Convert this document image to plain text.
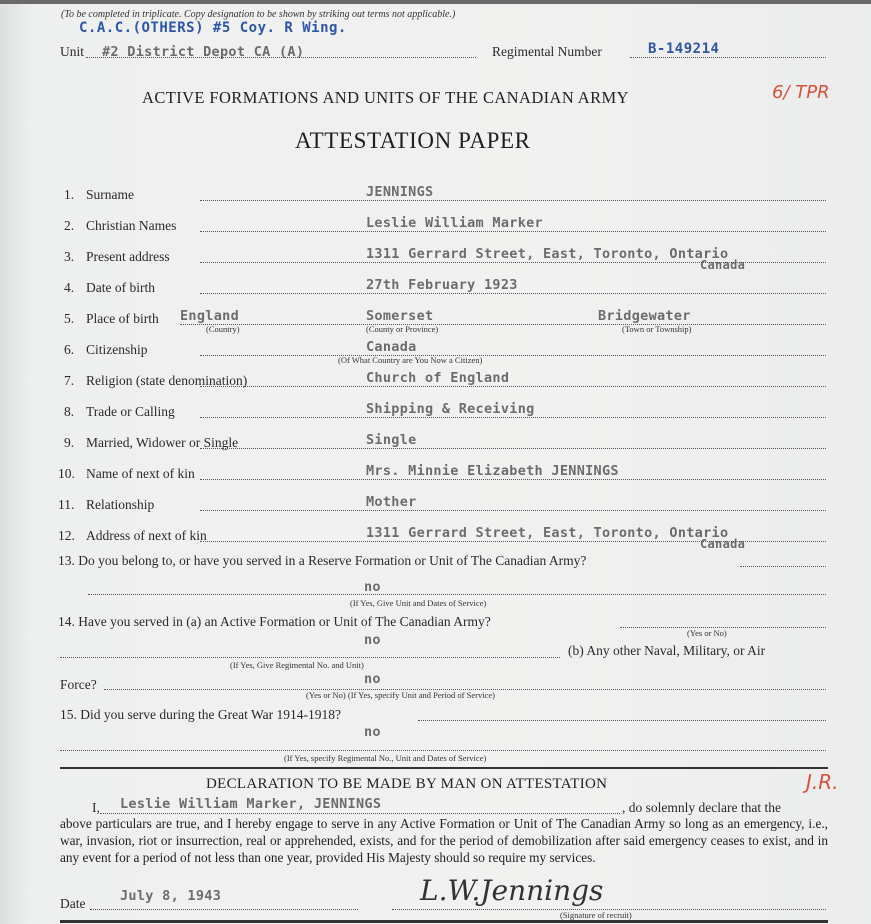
(To be completed in triplicate. Copy designation to be shown by striking out terms not applicable.)
C.A.C.(OTHERS) #5 Coy. R Wing.
Unit #2 District Depot CA (A)	Regimental Number	B-149214
ACTIVE FORMATIONS AND UNITS OF THE CANADIAN ARMY
ATTESTATION PAPER
6/ TPR
1. Surname	JENNINGS
2. Christian Names	Leslie William Marker
3. Present address	1311 Gerrard Street, East, Toronto, Ontario
Canada
4. Date of birth	27th February 1923
5. Place of birth England
(Country)
Somerset
(County or Province)
Bridgewater
(Town or Township)
6. Citizenship	Canada
(Of What Country are You Now a Citizen)
7. Religion (state denomination)	Church of England
8. Trade or Calling	Shipping & Receiving
9. Married, Widower or Single	Single
10. Name of next of kin	Mrs. Minnie Elizabeth JENNINGS
11. Relationship	Mother
12. Address of next of kin	1311 Gerrard Street, East, Toronto, Ontario
Canada
13. Do you belong to, or have you served in a Reserve Formation or Unit of The Canadian Army?
no
(If Yes, Give Unit and Dates of Service)
14. Have you served in (a) an Active Formation or Unit of The Canadian Army?
(Yes or No)
no
(b) Any other Naval, Military, or Air
(If Yes, Give Regimental No. and Unit)
Force?	no
(Yes or No) (If Yes, specify Unit and Period of Service)
15. Did you serve during the Great War 1914-1918?
no
(If Yes, specify Regimental No., Unit and Dates of Service)
DECLARATION TO BE MADE BY MAN ON ATTESTATION	J.R.
I, Leslie William Marker, JENNINGS	, do solemnly declare that the
above particulars are true, and I hereby engage to serve in any Active Formation or Unit of The Canadian Army so long as an emergency, i.e., war, invasion, riot or insurrection, real or apprehended, exists, and for the period of demobilization after said emergency ceases to exist, and in any event for a period of not less than one year, provided His Majesty should so require my services.
Date	July 8, 1943	L.W.Jennings
(Signature of recruit)
